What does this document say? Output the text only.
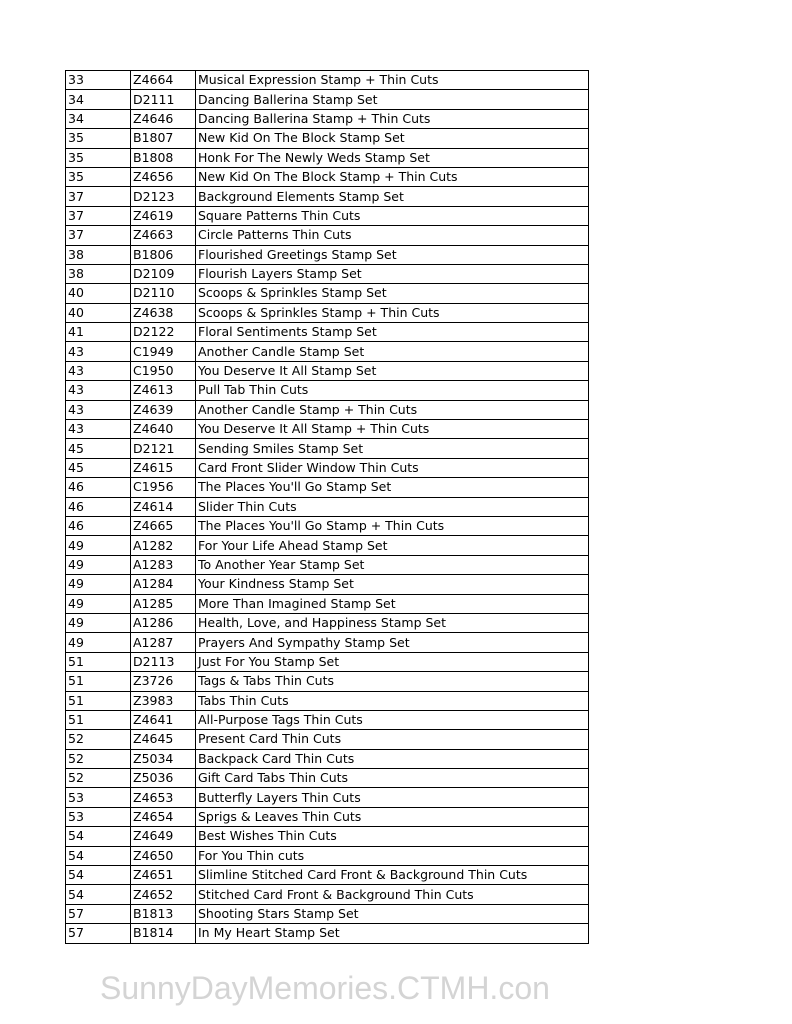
33	Z4664	Musical Expression Stamp + Thin Cuts
34	D2111	Dancing Ballerina Stamp Set
34	Z4646	Dancing Ballerina Stamp + Thin Cuts
35	B1807	New Kid On The Block Stamp Set
35	B1808	Honk For The Newly Weds Stamp Set
35	Z4656	New Kid On The Block Stamp + Thin Cuts
37	D2123	Background Elements Stamp Set
37	Z4619	Square Patterns Thin Cuts
37	Z4663	Circle Patterns Thin Cuts
38	B1806	Flourished Greetings Stamp Set
38	D2109	Flourish Layers Stamp Set
40	D2110	Scoops & Sprinkles Stamp Set
40	Z4638	Scoops & Sprinkles Stamp + Thin Cuts
41	D2122	Floral Sentiments Stamp Set
43	C1949	Another Candle Stamp Set
43	C1950	You Deserve It All Stamp Set
43	Z4613	Pull Tab Thin Cuts
43	Z4639	Another Candle Stamp + Thin Cuts
43	Z4640	You Deserve It All Stamp + Thin Cuts
45	D2121	Sending Smiles Stamp Set
45	Z4615	Card Front Slider Window Thin Cuts
46	C1956	The Places You'll Go Stamp Set
46	Z4614	Slider Thin Cuts
46	Z4665	The Places You'll Go Stamp + Thin Cuts
49	A1282	For Your Life Ahead Stamp Set
49	A1283	To Another Year Stamp Set
49	A1284	Your Kindness Stamp Set
49	A1285	More Than Imagined Stamp Set
49	A1286	Health, Love, and Happiness Stamp Set
49	A1287	Prayers And Sympathy Stamp Set
51	D2113	Just For You Stamp Set
51	Z3726	Tags & Tabs Thin Cuts
51	Z3983	Tabs Thin Cuts
51	Z4641	All-Purpose Tags Thin Cuts
52	Z4645	Present Card Thin Cuts
52	Z5034	Backpack Card Thin Cuts
52	Z5036	Gift Card Tabs Thin Cuts
53	Z4653	Butterfly Layers Thin Cuts
53	Z4654	Sprigs & Leaves Thin Cuts
54	Z4649	Best Wishes Thin Cuts
54	Z4650	For You Thin cuts
54	Z4651	Slimline Stitched Card Front & Background Thin Cuts
54	Z4652	Stitched Card Front & Background Thin Cuts
57	B1813	Shooting Stars Stamp Set
57	B1814	In My Heart Stamp Set
SunnyDayMemories.CTMH.con
